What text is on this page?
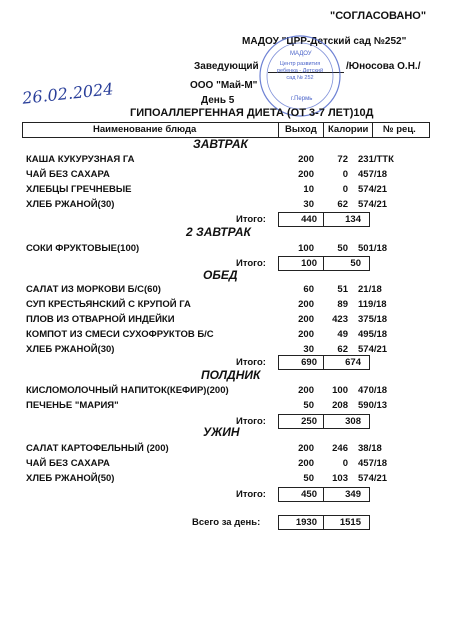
"СОГЛАСОВАНО"
МАДОУ "ЦРР-Детский сад №252"
Заведующий	/Юносова О.Н./
МАДОУ
Центр развития ребенка - Детский сад № 252
г.Пермь
26.02.2024	ООО "Май-М"
День 5
ГИПОАЛЛЕРГЕННАЯ ДИЕТА (ОТ 3-7 ЛЕТ)10Д
Наименование блюда	Выход Калории № рец.
ЗАВТРАК
КАША КУКУРУЗНАЯ ГА	200	72 231/ТТК
ЧАЙ БЕЗ САХАРА	200	0 457/18
ХЛЕБЦЫ ГРЕЧНЕВЫЕ	10	0 574/21
ХЛЕБ РЖАНОЙ(30)	30	62 574/21
Итого:	440	134
2 ЗАВТРАК
СОКИ ФРУКТОВЫЕ(100)	100	50 501/18
Итого:	100	50
ОБЕД
САЛАТ ИЗ МОРКОВИ Б/С(60)	60	51 21/18
СУП КРЕСТЬЯНСКИЙ С КРУПОЙ ГА	200	89 119/18
ПЛОВ ИЗ ОТВАРНОЙ ИНДЕЙКИ	200	423 375/18
КОМПОТ ИЗ СМЕСИ СУХОФРУКТОВ Б/С	200	49 495/18
ХЛЕБ РЖАНОЙ(30)	30	62 574/21
Итого:	690	674
ПОЛДНИК
КИСЛОМОЛОЧНЫЙ НАПИТОК(КЕФИР)(200)	200	100 470/18
ПЕЧЕНЬЕ "МАРИЯ"	50	208 590/13
Итого:	250	308
УЖИН
САЛАТ КАРТОФЕЛЬНЫЙ (200)	200	246 38/18
ЧАЙ БЕЗ САХАРА	200	0 457/18
ХЛЕБ РЖАНОЙ(50)	50	103 574/21
Итого:	450	349
Всего за день:	1930	1515
